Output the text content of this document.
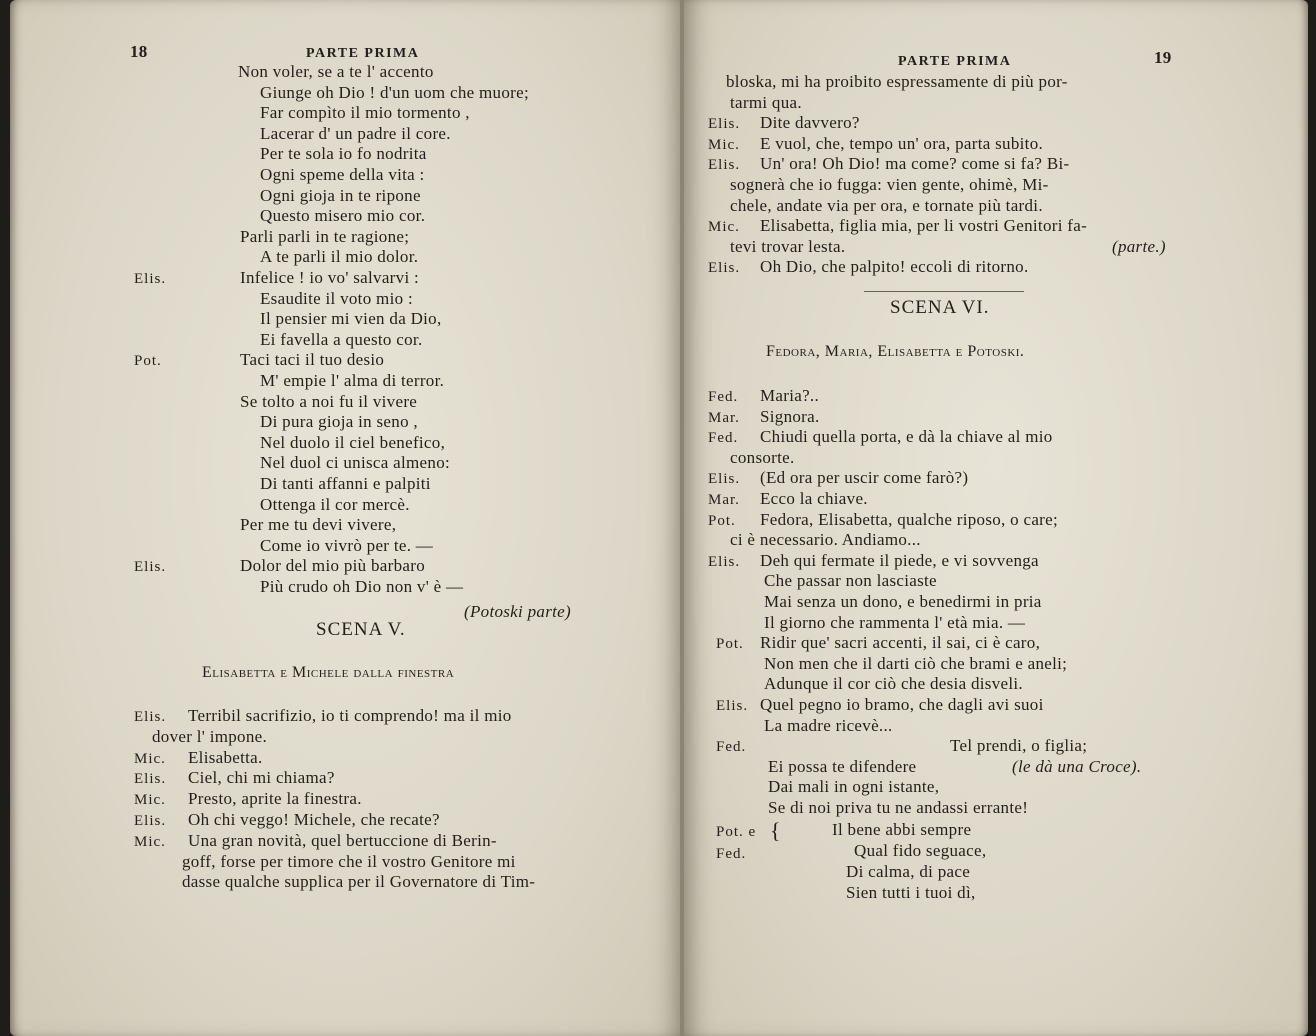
18	PARTE PRIMA
Non voler, se a te l' accento
Giunge oh Dio ! d'un uom che muore;
Far compìto il mio tormento ,
Lacerar d' un padre il core.
Per te sola io fo nodrita
Ogni speme della vita :
Ogni gioja in te ripone
Questo misero mio cor.
Parli parli in te ragione;
A te parli il mio dolor.
Elis.	Infelice ! io vo' salvarvi :
Esaudite il voto mio :
Il pensier mi vien da Dio,
Ei favella a questo cor.
Pot.	Taci taci il tuo desio
M' empie l' alma di terror.
Se tolto a noi fu il vivere
Di pura gioja in seno ,
Nel duolo il ciel benefico,
Nel duol ci unisca almeno:
Di tanti affanni e palpiti
Ottenga il cor mercè.
Per me tu devi vivere,
Come io vivrò per te. —
Elis.	Dolor del mio più barbaro
Più crudo oh Dio non v' è —
(Potoski parte)
SCENA V.
Elisabetta e Michele dalla finestra
Elis. Terribil sacrifizio, io ti comprendo! ma il mio
dover l' impone.
Mic. Elisabetta.
Elis. Ciel, chi mi chiama?
Mic. Presto, aprite la finestra.
Elis. Oh chi veggo! Michele, che recate?
Mic. Una gran novità, quel bertuccione di Berin-
goff, forse per timore che il vostro Genitore mi
dasse qualche supplica per il Governatore di Tim-
PARTE PRIMA	19
bloska, mi ha proibito espressamente di più por-
tarmi qua.
Elis. Dite davvero?
Mic. E vuol, che, tempo un' ora, parta subito.
Elis. Un' ora! Oh Dio! ma come? come si fa? Bi-
sognerà che io fugga: vien gente, ohimè, Mi-
chele, andate via per ora, e tornate più tardi.
Mic. Elisabetta, figlia mia, per li vostri Genitori fa-
tevi trovar lesta.
Elis. Oh Dio, che palpito! eccoli di ritorno.
(parte.)
SCENA VI.
Fedora, Maria, Elisabetta e Potoski.
Fed. Maria?..
Mar. Signora.
Fed. Chiudi quella porta, e dà la chiave al mio
consorte.
Elis. (Ed ora per uscir come farò?)
Mar. Ecco la chiave.
Pot. Fedora, Elisabetta, qualche riposo, o care;
ci è necessario. Andiamo...
Elis. Deh qui fermate il piede, e vi sovvenga
Che passar non lasciaste
Mai senza un dono, e benedirmi in pria
Il giorno che rammenta l' età mia. —
Pot. Ridir que' sacri accenti, il sai, ci è caro,
Non men che il darti ciò che brami e aneli;
Adunque il cor ciò che desia disveli.
Elis. Quel pegno io bramo, che dagli avi suoi
La madre ricevè...
Fed.	Tel prendi, o figlia;
Ei possa te difendere
Dai mali in ogni istante,
Se di noi priva tu ne andassi errante!
(le dà una Croce).
Pot. e
Fed.
{	Il bene abbi sempre
Qual fido seguace,
Di calma, di pace
Sien tutti i tuoi dì,
